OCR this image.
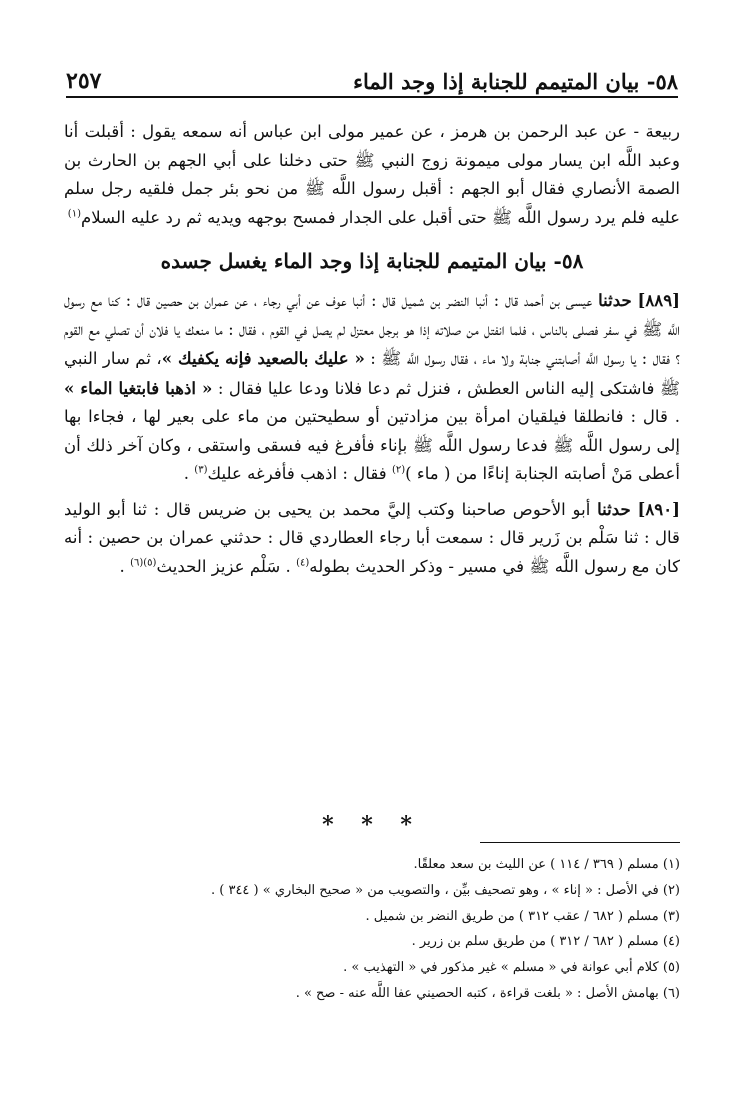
٥٨- بيان المتيمم للجنابة إذا وجد الماء
٢٥٧

ربيعة - عن عبد الرحمن بن هرمز ، عن عمير مولى ابن عباس أنه سمعه يقول : أقبلت أنا وعبد اللَّه ابن يسار مولى ميمونة زوج النبي ﷺ حتى دخلنا على أبي الجهم بن الحارث بن الصمة الأنصاري فقال أبو الجهم : أقبل رسول اللَّه ﷺ من نحو بئر جمل فلقيه رجل سلم عليه فلم يرد رسول اللَّه ﷺ حتى أقبل على الجدار فمسح بوجهه ويديه ثم رد عليه السلام$^{(١)}$

٥٨- بيان المتيمم للجنابة إذا وجد الماء يغسل جسده

[٨٨٩] حدثنا عيسى بن أحمد قال : أنبا النضر بن شميل قال : أنبا عوف عن أبي رجاء ، عن عمران بن حصين قال : كنا مع رسول اللَّه ﷺ في سفر فصلى بالناس ، فلما انفتل من صلاته إذا هو برجل معتزل لم يصل في القوم ، فقال : ما منعك يا فلان أن تصلي مع القوم ؟ فقال : يا رسول اللَّه أصابتني جنابة ولا ماء ، فقال رسول اللَّه ﷺ : « عليك بالصعيد فإنه يكفيك »، ثم سار النبي ﷺ فاشتكى إليه الناس العطش ، فنزل ثم دعا فلانا ودعا عليا فقال : « اذهبا فابتغيا الماء » . قال : فانطلقا فيلقيان امرأة بين مزادتين أو سطيحتين من ماء على بعير لها ، فجاءا بها إلى رسول اللَّه ﷺ فدعا رسول اللَّه ﷺ بإناء فأفرغ فيه فسقى واستقى ، وكان آخر ذلك أن أعطى مَنْ أصابته الجنابة إناءًا من ( ماء )$^{(٢)}$ فقال : اذهب فأفرغه عليك$^{(٣)}$ .

[٨٩٠] حدثنا أبو الأحوص صاحبنا وكتب إليَّ محمد بن يحيى بن ضريس قال : ثنا أبو الوليد قال : ثنا سَلْم بن زَرير قال : سمعت أبا رجاء العطاردي قال : حدثني عمران بن حصين : أنه كان مع رسول اللَّه ﷺ في مسير - وذكر الحديث بطوله$^{(٤)}$ . سَلْم عزيز الحديث$^{(٥)(٦)}$ .

* * *

(١) مسلم ( ٣٦٩ / ١١٤ ) عن الليث بن سعد معلقًا.

(٢) في الأصل : « إناء » ، وهو تصحيف بيِّن ، والتصويب من « صحيح البخاري » ( ٣٤٤ ) .

(٣) مسلم ( ٦٨٢ / عقب ٣١٢ ) من طريق النضر بن شميل .

(٤) مسلم ( ٦٨٢ / ٣١٢ ) من طريق سلم بن زرير .

(٥) كلام أبي عوانة في « مسلم » غير مذكور في « التهذيب » .

(٦) بهامش الأصل : « بلغت قراءة ، كتبه الحصيني عفا اللَّه عنه - صح » .
